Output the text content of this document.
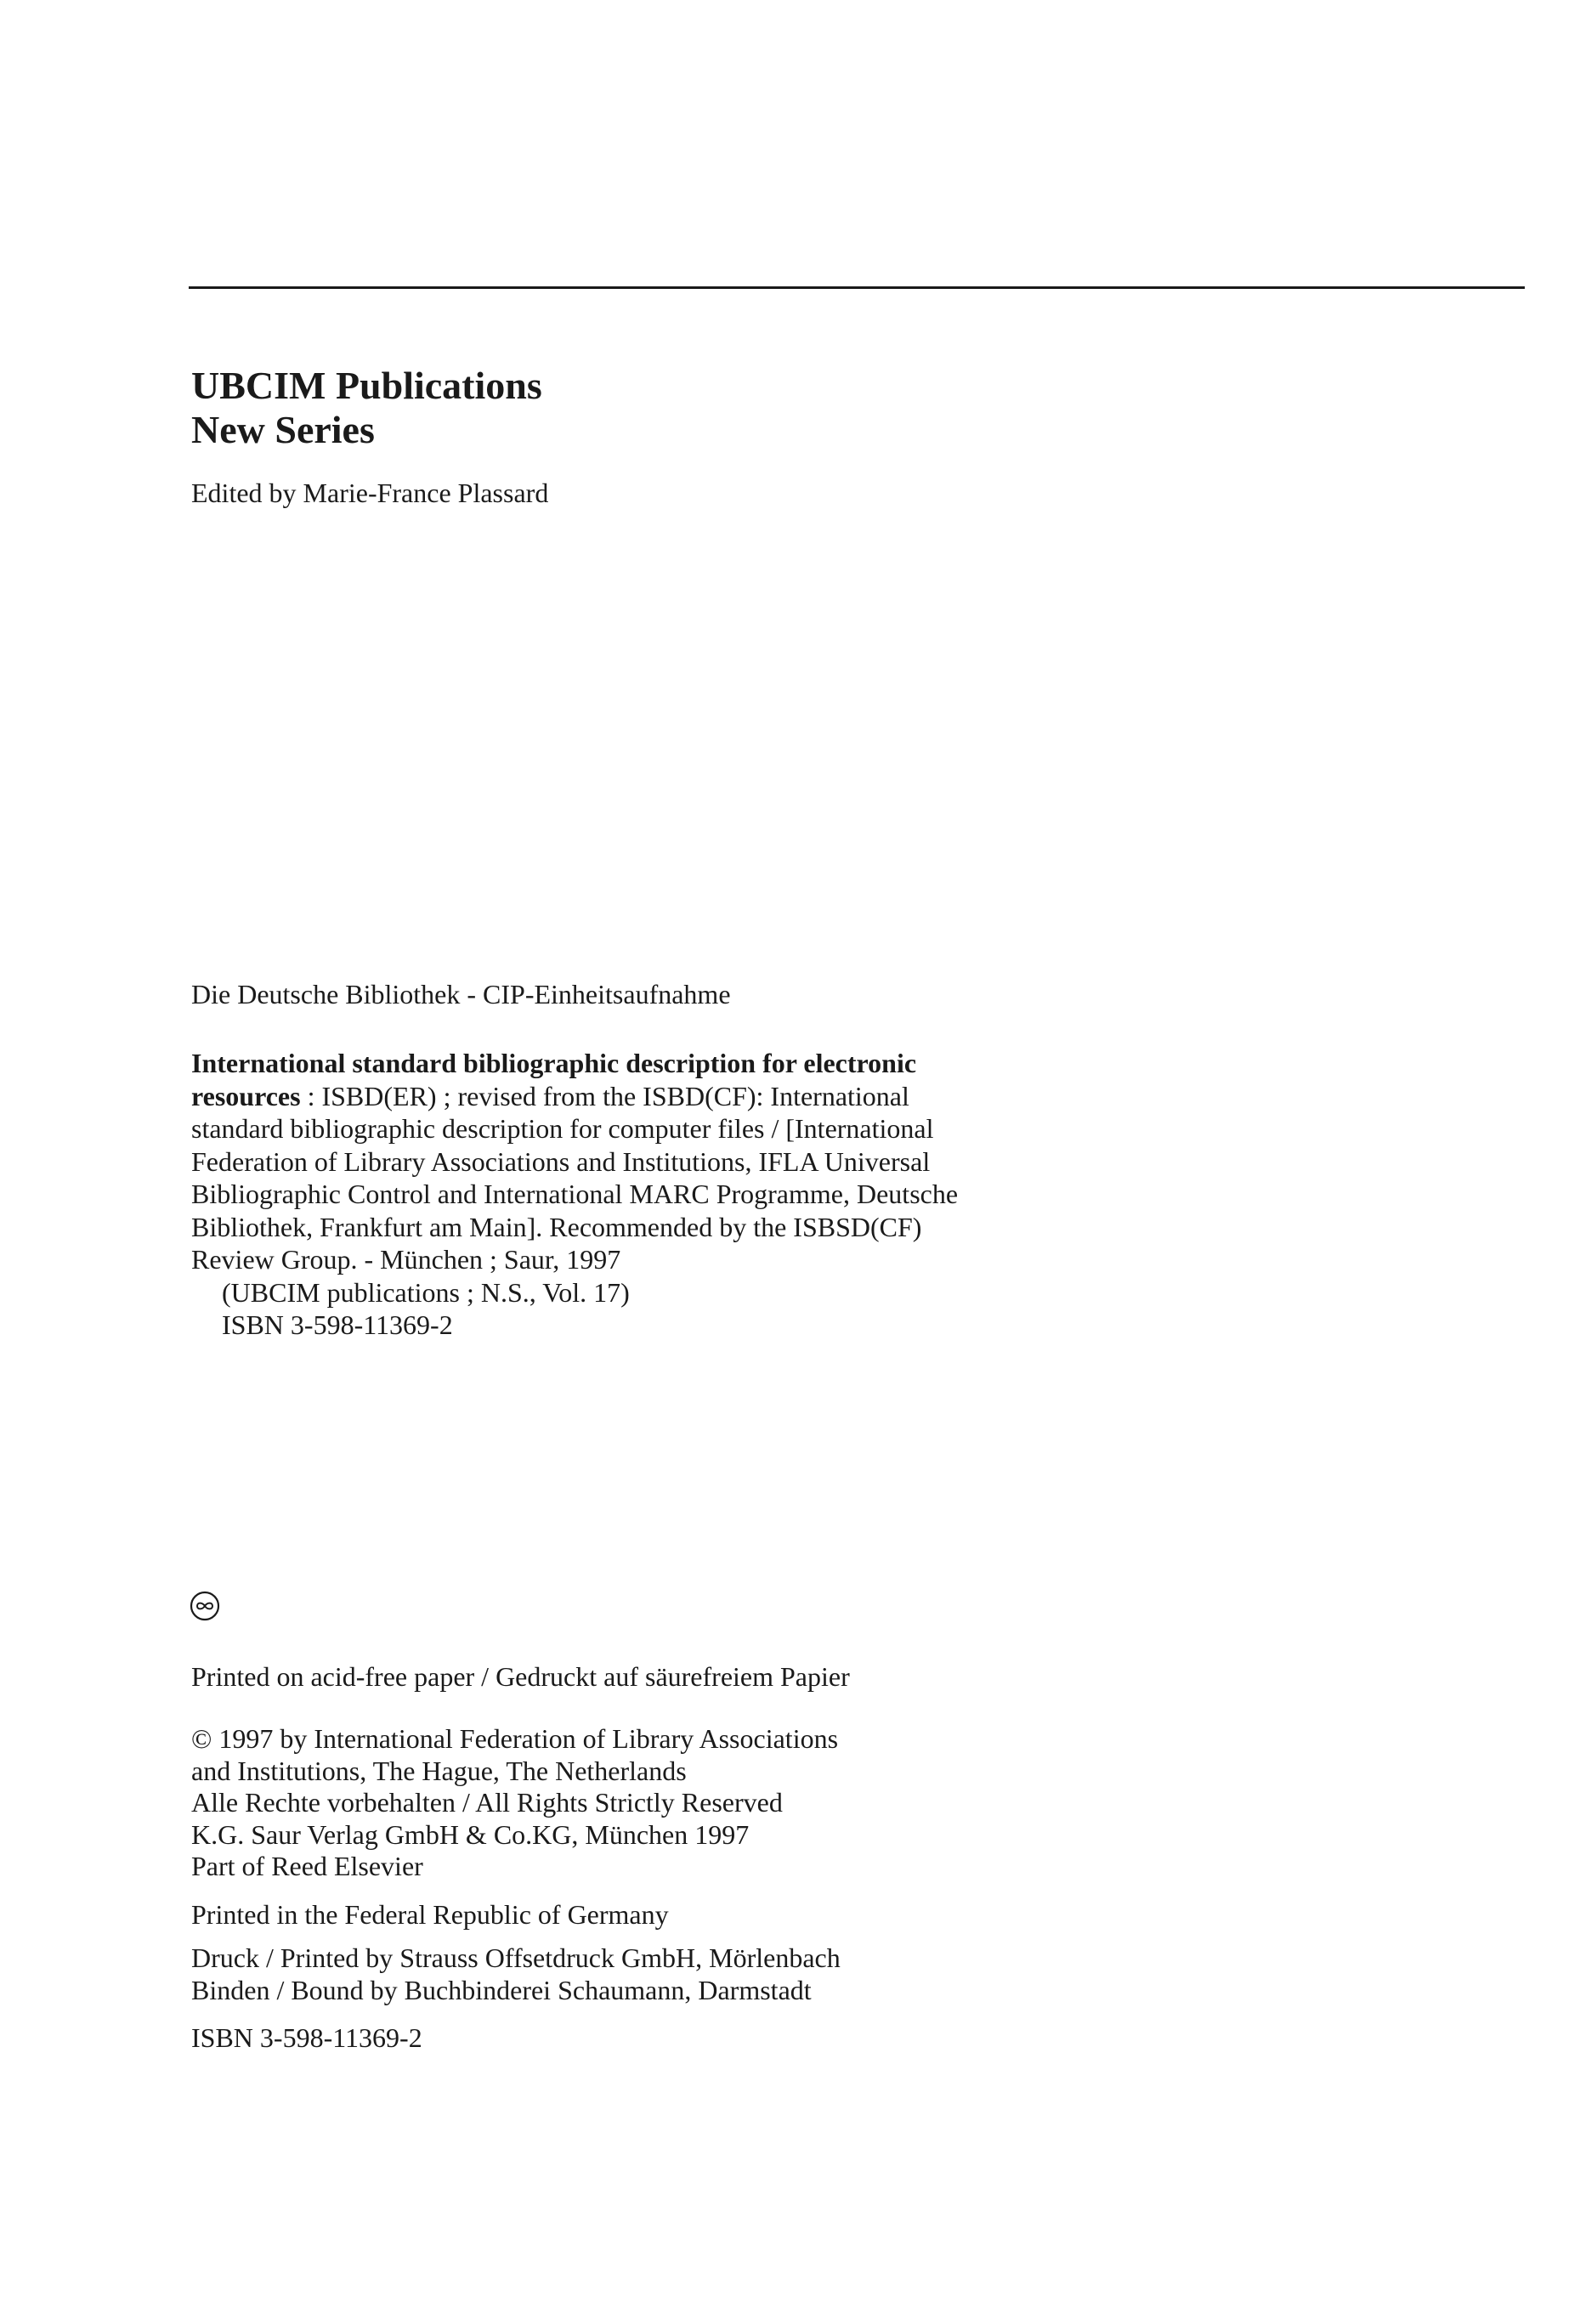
UBCIM Publications
New Series
Edited by Marie-France Plassard
Die Deutsche Bibliothek - CIP-Einheitsaufnahme
International standard bibliographic description for electronic
resources : ISBD(ER) ; revised from the ISBD(CF): International
standard bibliographic description for computer files / [International
Federation of Library Associations and Institutions, IFLA Universal
Bibliographic Control and International MARC Programme, Deutsche
Bibliothek, Frankfurt am Main]. Recommended by the ISBSD(CF)
Review Group. - München ; Saur, 1997
(UBCIM publications ; N.S., Vol. 17)
ISBN 3-598-11369-2
Printed on acid-free paper / Gedruckt auf säurefreiem Papier
© 1997 by International Federation of Library Associations
and Institutions, The Hague, The Netherlands
Alle Rechte vorbehalten / All Rights Strictly Reserved
K.G. Saur Verlag GmbH & Co.KG, München 1997
Part of Reed Elsevier
Printed in the Federal Republic of Germany
Druck / Printed by Strauss Offsetdruck GmbH, Mörlenbach
Binden / Bound by Buchbinderei Schaumann, Darmstadt
ISBN 3-598-11369-2
